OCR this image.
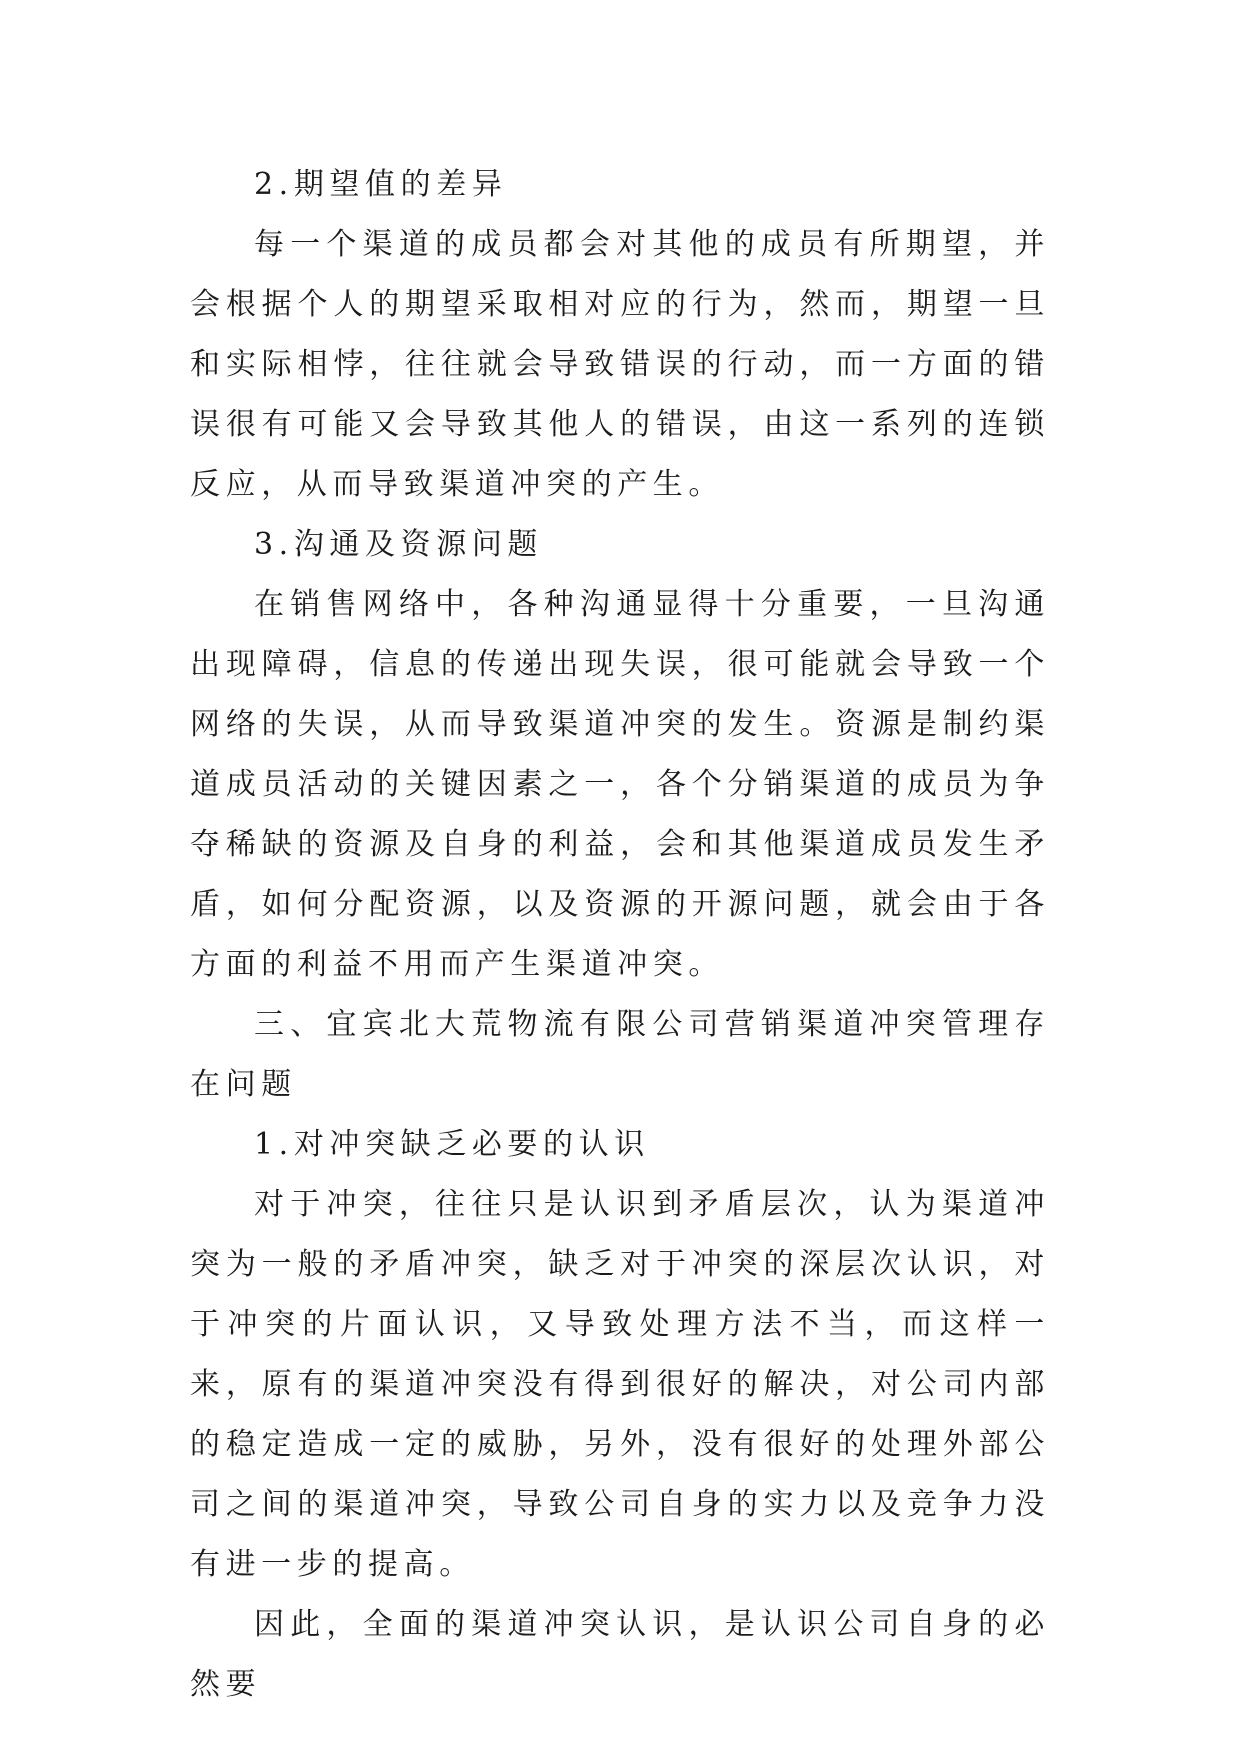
2.期望值的差异

每一个渠道的成员都会对其他的成员有所期望，并会根据个人的期望采取相对应的行为，然而，期望一旦和实际相悖，往往就会导致错误的行动，而一方面的错误很有可能又会导致其他人的错误，由这一系列的连锁反应，从而导致渠道冲突的产生。

3.沟通及资源问题

在销售网络中，各种沟通显得十分重要，一旦沟通出现障碍，信息的传递出现失误，很可能就会导致一个网络的失误，从而导致渠道冲突的发生。资源是制约渠道成员活动的关键因素之一，各个分销渠道的成员为争夺稀缺的资源及自身的利益，会和其他渠道成员发生矛盾，如何分配资源，以及资源的开源问题，就会由于各方面的利益不用而产生渠道冲突。

三、宜宾北大荒物流有限公司营销渠道冲突管理存在问题

1.对冲突缺乏必要的认识

对于冲突，往往只是认识到矛盾层次，认为渠道冲突为一般的矛盾冲突，缺乏对于冲突的深层次认识，对于冲突的片面认识，又导致处理方法不当，而这样一来，原有的渠道冲突没有得到很好的解决，对公司内部的稳定造成一定的威胁，另外，没有很好的处理外部公司之间的渠道冲突，导致公司自身的实力以及竞争力没有进一步的提高。

因此，全面的渠道冲突认识，是认识公司自身的必然要
